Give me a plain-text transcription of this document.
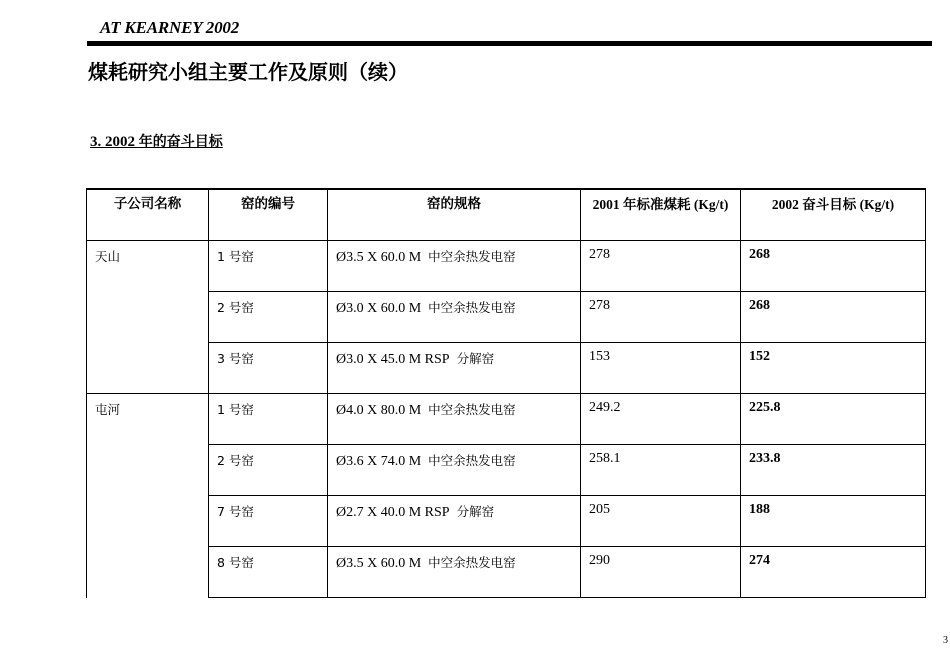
AT KEARNEY 2002
煤耗研究小组主要工作及原则（续）
3. 2002 年的奋斗目标
子公司名称	窑的编号	窑的规格	2001 年标准煤耗 (Kg/t)	2002 奋斗目标 (Kg/t)
天山	1 号窑	Ø3.5 X 60.0 M 中空余热发电窑	278	268
	2 号窑	Ø3.0 X 60.0 M 中空余热发电窑	278	268
	3 号窑	Ø3.0 X 45.0 M RSP 分解窑	153	152
屯河	1 号窑	Ø4.0 X 80.0 M 中空余热发电窑	249.2	225.8
	2 号窑	Ø3.6 X 74.0 M 中空余热发电窑	258.1	233.8
	7 号窑	Ø2.7 X 40.0 M RSP 分解窑	205	188
	8 号窑	Ø3.5 X 60.0 M 中空余热发电窑	290	274
3
